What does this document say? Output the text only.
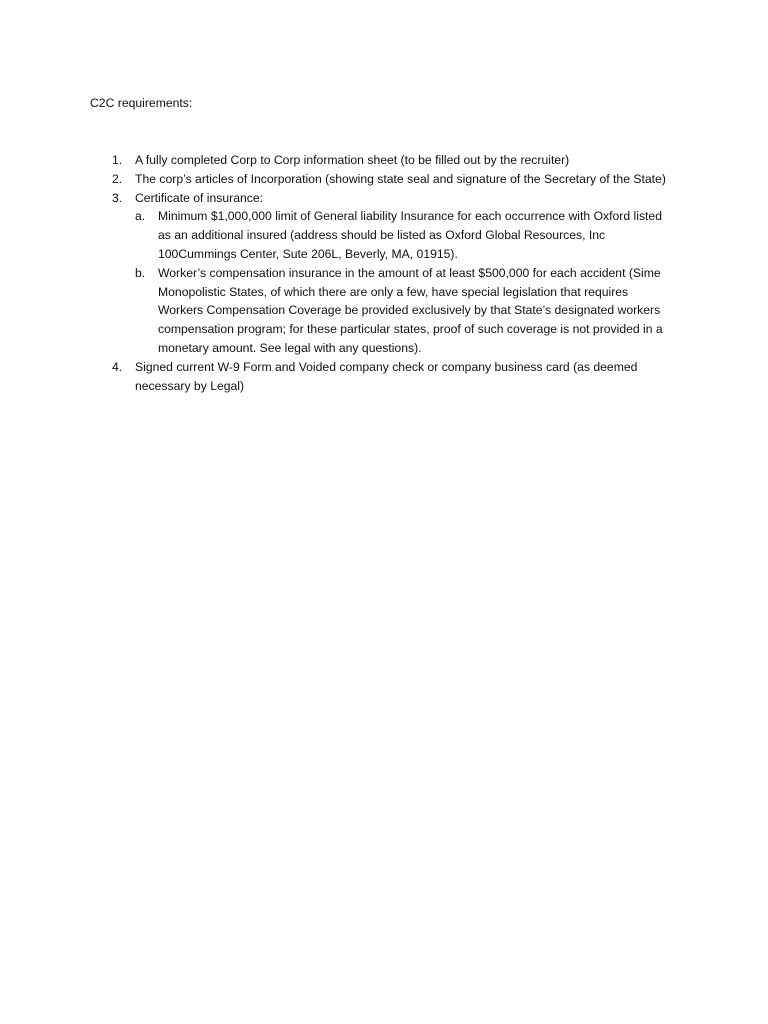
C2C requirements:
1. A fully completed Corp to Corp information sheet (to be filled out by the recruiter)
2. The corp’s articles of Incorporation (showing state seal and signature of the Secretary of the State)
3. Certificate of insurance:
a. Minimum $1,000,000 limit of General liability Insurance for each occurrence with Oxford listed as an additional insured (address should be listed as Oxford Global Resources, Inc 100Cummings Center, Sute 206L, Beverly, MA, 01915).
b. Worker’s compensation insurance in the amount of at least $500,000 for each accident (Sime Monopolistic States, of which there are only a few, have special legislation that requires Workers Compensation Coverage be provided exclusively by that State’s designated workers compensation program; for these particular states, proof of such coverage is not provided in a monetary amount. See legal with any questions).
4. Signed current W-9 Form and Voided company check or company business card (as deemed necessary by Legal)
